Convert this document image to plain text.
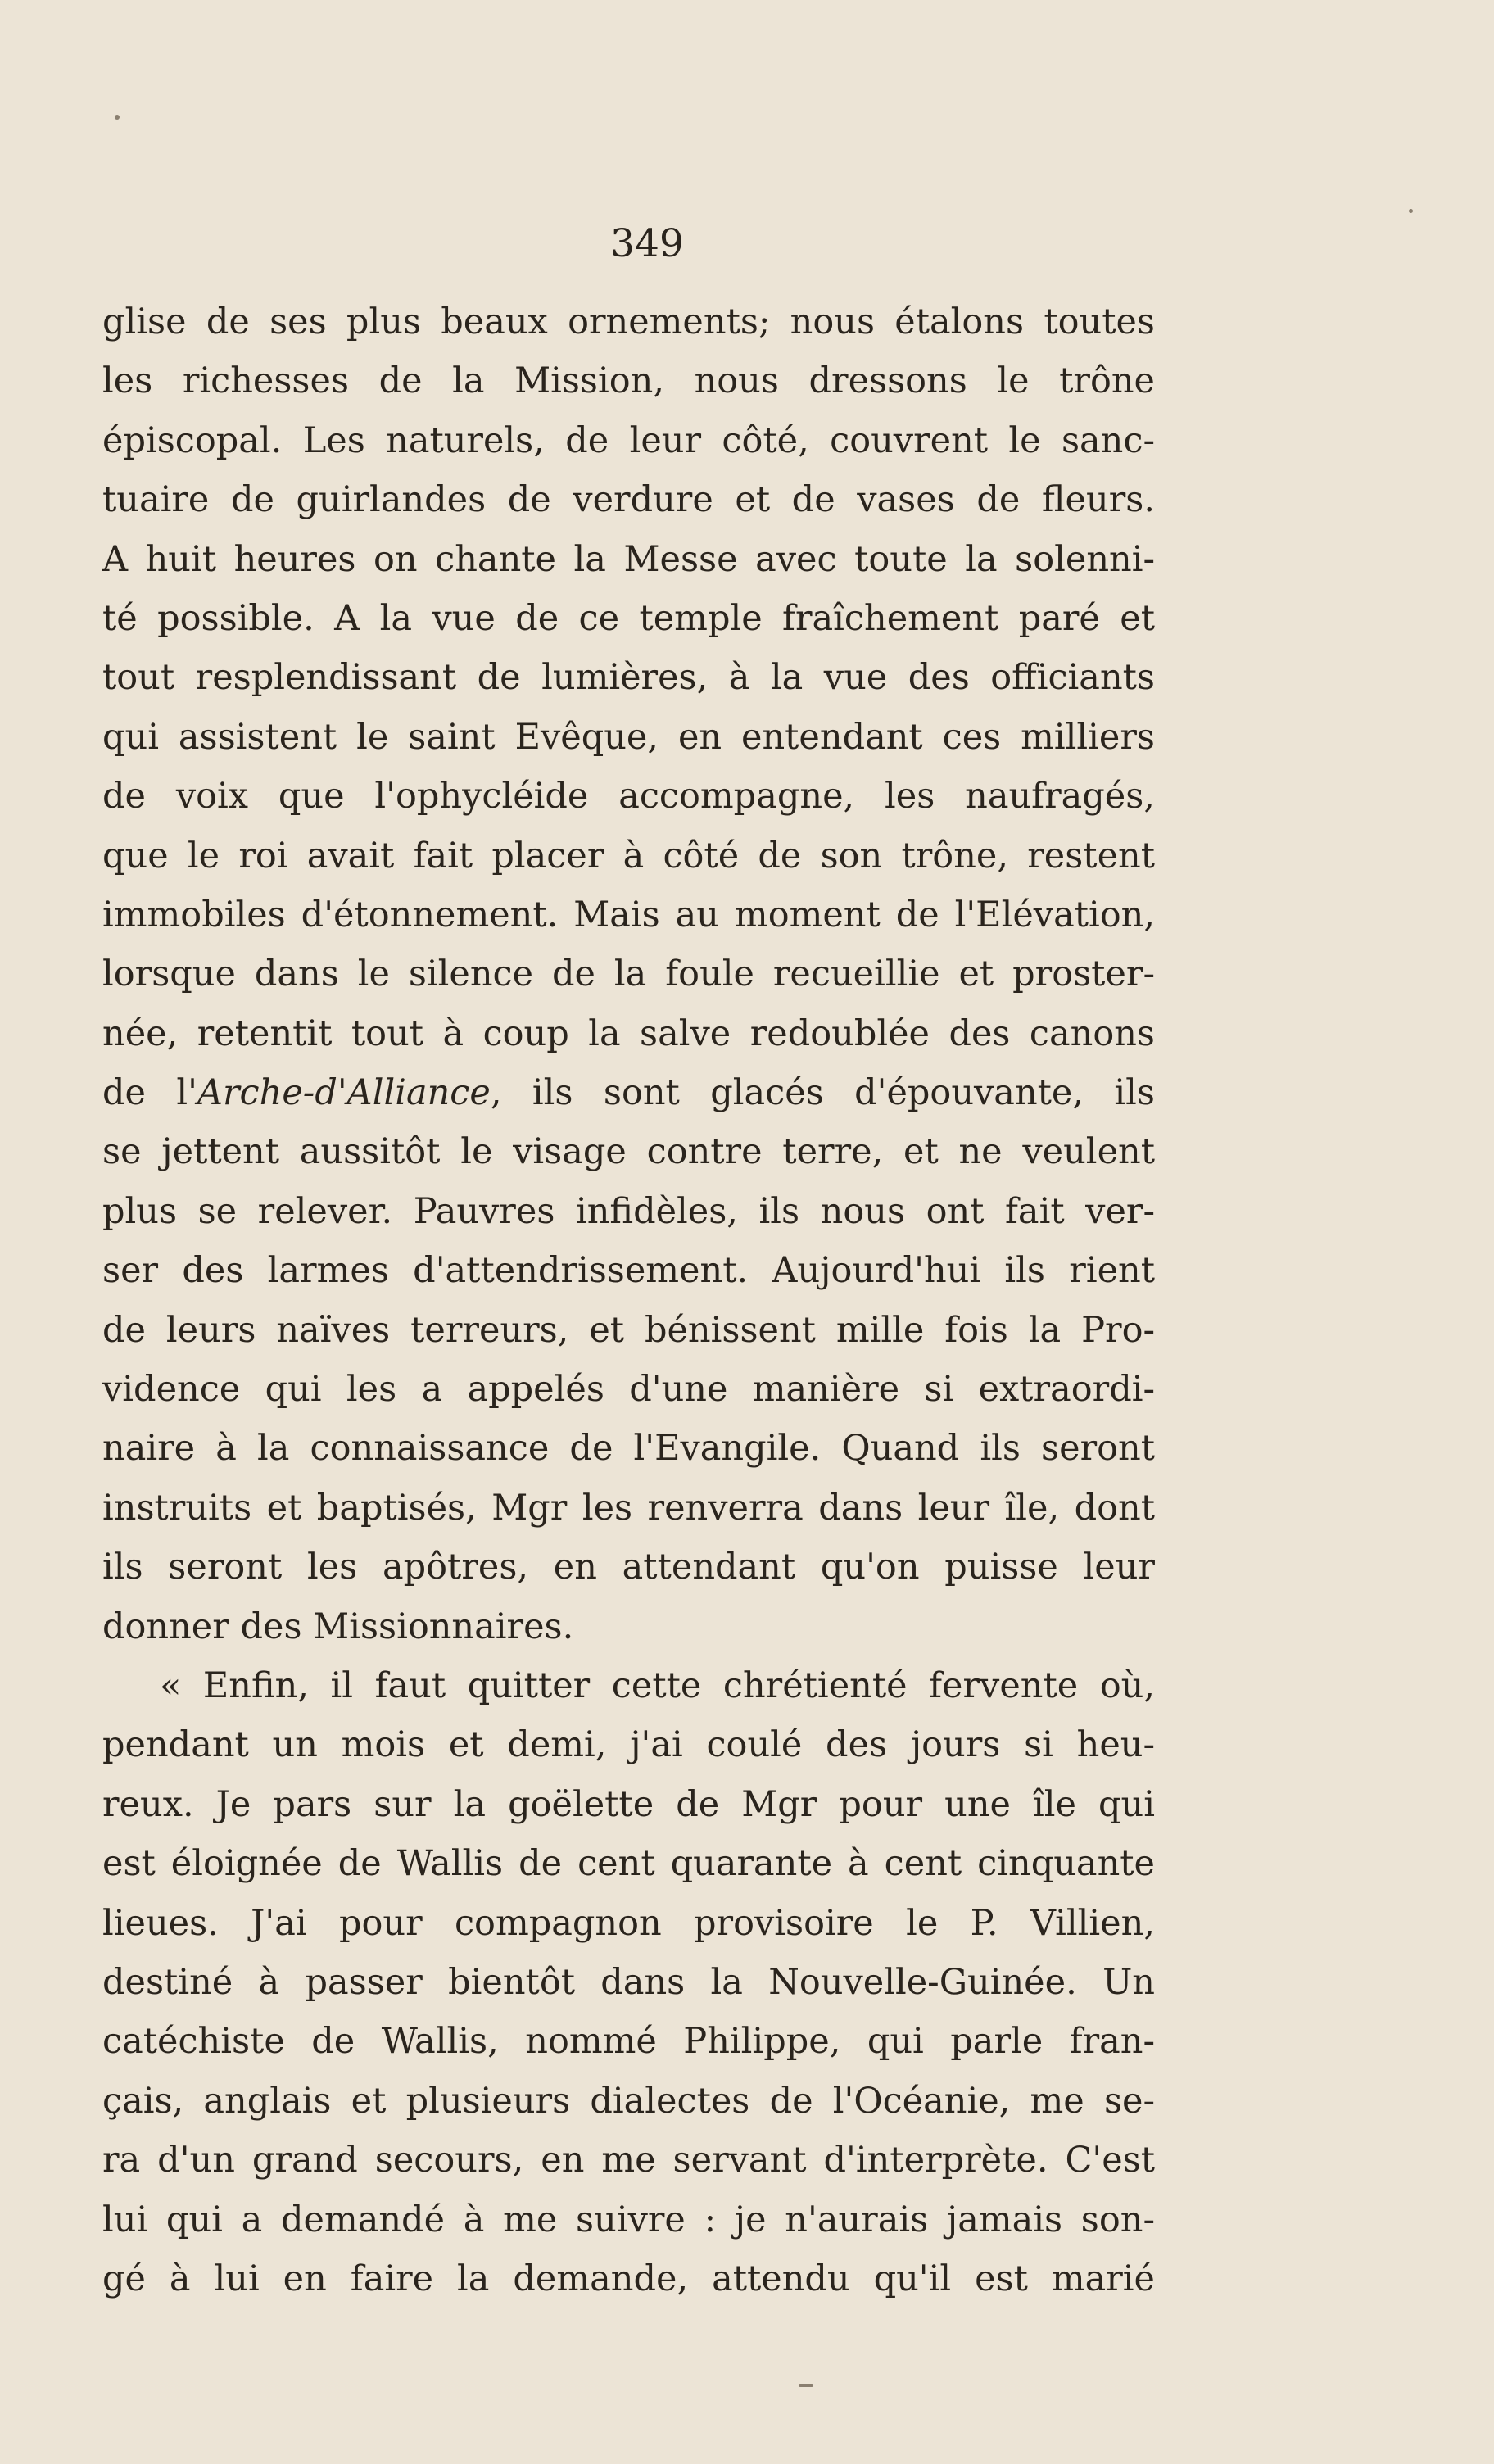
349

glise de ses plus beaux ornements; nous étalons toutes
les richesses de la Mission, nous dressons le trône
épiscopal. Les naturels, de leur côté, couvrent le sanc-
tuaire de guirlandes de verdure et de vases de fleurs.
A huit heures on chante la Messe avec toute la solenni-
té possible. A la vue de ce temple fraîchement paré et
tout resplendissant de lumières, à la vue des officiants
qui assistent le saint Evêque, en entendant ces milliers
de voix que l'ophycléide accompagne, les naufragés,
que le roi avait fait placer à côté de son trône, restent
immobiles d'étonnement. Mais au moment de l'Elévation,
lorsque dans le silence de la foule recueillie et proster-
née, retentit tout à coup la salve redoublée des canons
de l'Arche-d'Alliance, ils sont glacés d'épouvante, ils
se jettent aussitôt le visage contre terre, et ne veulent
plus se relever. Pauvres infidèles, ils nous ont fait ver-
ser des larmes d'attendrissement. Aujourd'hui ils rient
de leurs naïves terreurs, et bénissent mille fois la Pro-
vidence qui les a appelés d'une manière si extraordi-
naire à la connaissance de l'Evangile. Quand ils seront
instruits et baptisés, Mgr les renverra dans leur île, dont
ils seront les apôtres, en attendant qu'on puisse leur
donner des Missionnaires.
« Enfin, il faut quitter cette chrétienté fervente où,
pendant un mois et demi, j'ai coulé des jours si heu-
reux. Je pars sur la goëlette de Mgr pour une île qui
est éloignée de Wallis de cent quarante à cent cinquante
lieues. J'ai pour compagnon provisoire le P. Villien,
destiné à passer bientôt dans la Nouvelle-Guinée. Un
catéchiste de Wallis, nommé Philippe, qui parle fran-
çais, anglais et plusieurs dialectes de l'Océanie, me se-
ra d'un grand secours, en me servant d'interprète. C'est
lui qui a demandé à me suivre : je n'aurais jamais son-
gé à lui en faire la demande, attendu qu'il est marié
